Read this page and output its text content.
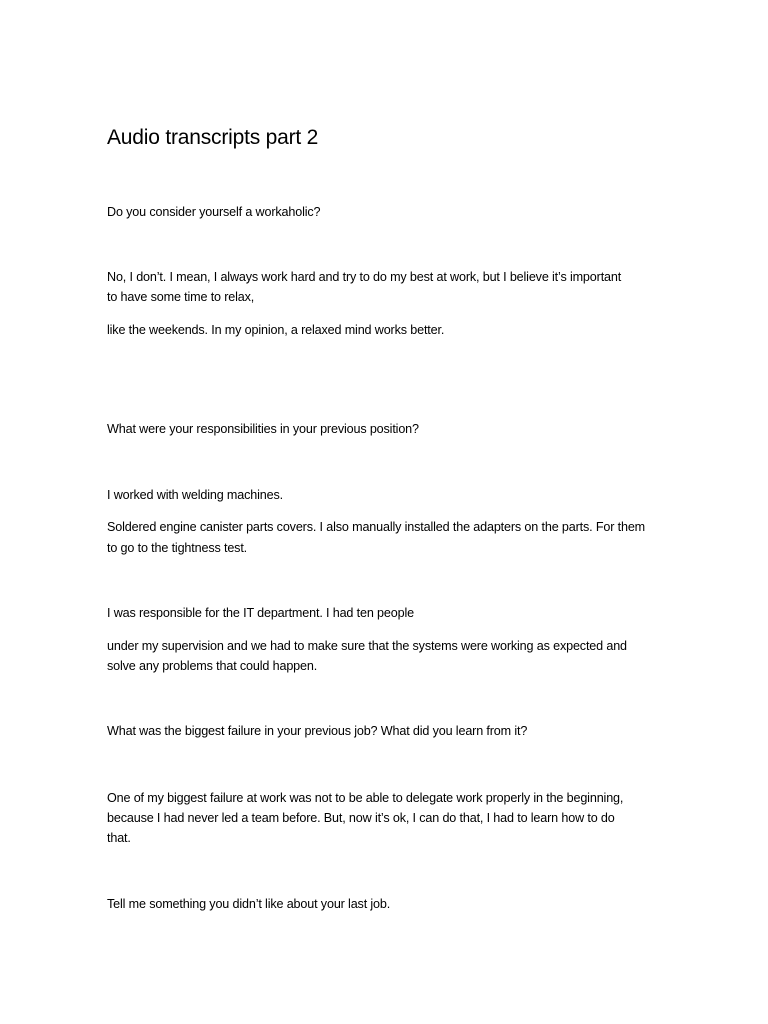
Audio transcripts part 2
Do you consider yourself a workaholic?
No, I don’t. I mean, I always work hard and try to do my best at work, but I believe it’s important
to have some time to relax,
like the weekends. In my opinion, a relaxed mind works better.
What were your responsibilities in your previous position?
I worked with welding machines.
Soldered engine canister parts covers. I also manually installed the adapters on the parts. For them
to go to the tightness test.
I was responsible for the IT department. I had ten people
under my supervision and we had to make sure that the systems were working as expected and
solve any problems that could happen.
What was the biggest failure in your previous job? What did you learn from it?
One of my biggest failure at work was not to be able to delegate work properly in the beginning,
because I had never led a team before. But, now it’s ok, I can do that, I had to learn how to do
that.
Tell me something you didn’t like about your last job.
